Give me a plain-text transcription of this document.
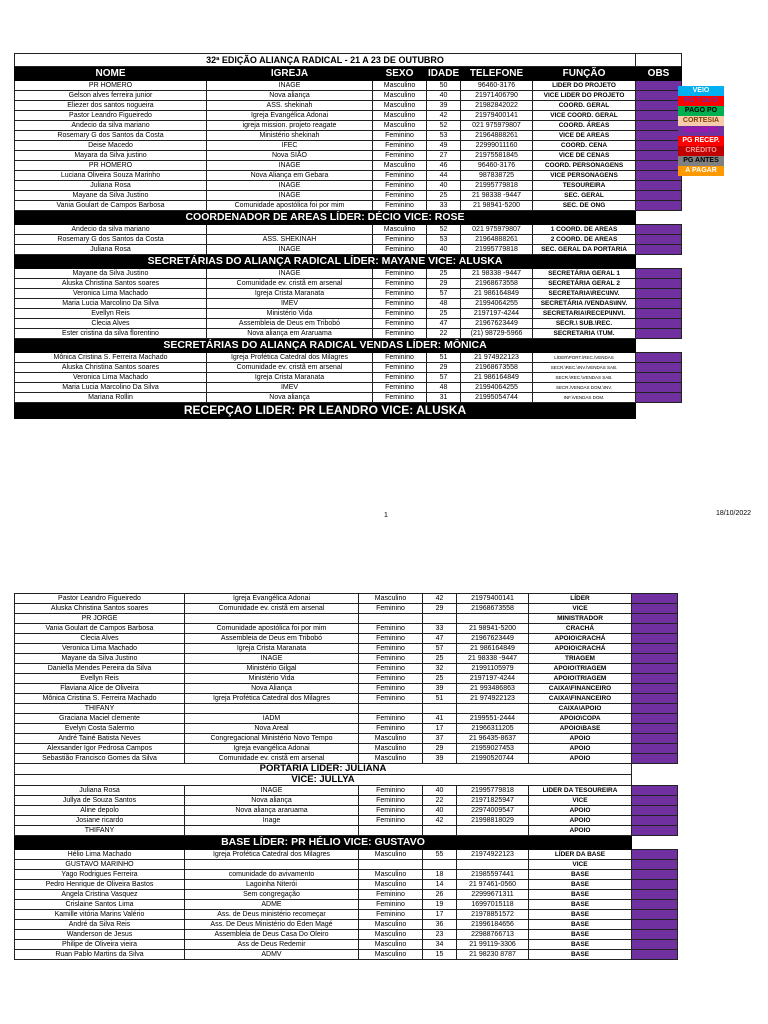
32ª EDIÇÃO ALIANÇA RADICAL - 21 A 23 DE OUTUBRO						
NOME	IGREJA	SEXO	IDADE	TELEFONE	FUNÇÃO	OBS
PR HOMERO	INAGE	Masculino	50	96460-3176	LIDER DO PROJETO	
Gelson alves ferreira junior	Nova aliança	Masculino	40	21971406790	VICE LIDER DO PROJETO	
Eliezer dos santos nogueira	ASS. shekinah	Masculino	39	21982842022	COORD. GERAL	
Pastor Leandro Figueiredo	Igreja Evangélica Adonai	Masculino	42	21979400141	VICE COORD. GERAL	
Andecio da silva mariano	igreja mission. projeto reagate	Masculino	52	021 975979807	COORD. ÁREAS	
Rosemary G dos Santos da Costa	Ministério shekinah	Feminino	53	21964888261	VICE DE AREAS	
Deise Macedo	IFEC	Feminino	49	22999011160	COORD. CENA	
Mayara da Silva justino	Nova SIÃO	Feminino	27	21975581845	VICE DE CENAS	
PR HOMERO	INAGE	Masculino	46	96460-3176	COORD. PERSONAGENS	
Luciana Oliveira Souza Marinho	Nova Aliança em Gebara	Feminino	44	987838725	VICE PERSONAGENS	
Juliana Rosa	INAGE	Feminino	40	21995779818	TESOUREIRA	
Mayane da Silva Justino	INAGE	Feminino	25	21 98338 -9447	SEC. GERAL	
Vania Goulart de Campos Barbosa	Comunidade apostólica foi por mim	Feminino	33	21 98941-5200	SEC. DE ONG	
COORDENADOR DE AREAS LÍDER: DÉCIO VICE: ROSE						
Andecio da silva mariano		Masculino	52	021 975979807	1 COORD. DE AREAS	
Rosemary G dos Santos da Costa	ASS. SHEKINAH	Feminino	53	21964888261	2 COORD. DE AREAS	
Juliana Rosa	INAGE	Feminino	40	21995779818	SEC. GERAL DA PORTARIA	
SECRETÁRIAS DO ALIANÇA RADICAL LÍDER: MAYANE VICE: ALUSKA						
Mayane da Silva Justino	INAGE	Feminino	25	21 98338 -9447	SECRETÁRIA GERAL 1	
Aluska Christina Santos soares	Comunidade ev. cristã em arsenal	Feminino	29	21968673558	SECRETÁRIA GERAL 2	
Veronica Lima Machado	Igreja Crista Maranata	Feminino	57	21 986164849	SECRETARIA\REC\INV.	
Maria Lucia Marcolino Da Silva	IMEV	Feminino	48	21994064255	SECRETÁRIA /VENDAS\INV.	
Evellyn Reis	Ministério Vida	Feminino	25	2197197-4244	SECRETARIA\RECEP\INVI.	
Clecia Alves	Assembleia de Deus em Tribobó	Feminino	47	21967623449	SECR.\ SUB.\REC.	
Ester cristina da silva florentino	Nova aliança em Araruama	Feminino	22	(21) 98729-5966	SECRETARIA \TUM.	
SECRETÁRIAS DO ALIANÇA RADICAL VENDAS LÍDER: MÔNICA						
Mônica Cristina S. Ferreira Machado	Igreja Profética Catedral dos Milagres	Feminino	51	21 974922123	LÍDER\PORT.\REC.\VENDAS	
Aluska Christina Santos soares	Comunidade ev. cristã em arsenal	Feminino	29	21968673558	SECR.\REC.\INV.\VENDAS SAB.	
Veronica Lima Machado	Igreja Crista Maranata	Feminino	57	21 986164849	SECR.\REC.\VENDAS SAB.	
Maria Lucia Marcolino Da Silva	IMEV	Feminino	48	21994064255	SECR./VENDAS DOM.\INV.	
Mariana Rollin	Nova aliança	Feminino	31	21995054744	INF.\VENDAS DOM.	
RECEPÇAO LIDER: PR LEANDRO VICE: ALUSKA						
VEIO
PG T ou D
PAGO PO
CORTESIA
INSCRITO
PG RECEP.
CRÉDITO
PG ANTES
A PAGAR
1	18/10/2022
Pastor Leandro Figueiredo	Igreja Evangélica Adonai	Masculino	42	21979400141	LÍDER	
Aluska Christina Santos soares	Comunidade ev. cristã em arsenal	Feminino	29	21968673558	VICE	
PR JORGE					MINISTRADOR	
Vania Goulart de Campos Barbosa	Comunidade apostólica foi por mim	Feminino	33	21 98941-5200	CRACHÁ	
Clecia Alves	Assembleia de Deus em Tribobó	Feminino	47	21967623449	APOIO\CRACHÁ	
Veronica Lima Machado	Igreja Crista Maranata	Feminino	57	21 986164849	APOIO\CRACHÁ	
Mayane da Silva Justino	INAGE	Feminino	25	21 98338 -9447	TRIAGEM	
Daniella Mendes Pereira da Silva	Ministério Gilgal	Feminino	32	21991105979	APOIO\TRIAGEM	
Evellyn Reis	Ministério Vida	Feminino	25	2197197-4244	APOIO\TRIAGEM	
Flaviana Alice de Oliveira	Nova Aliança	Feminino	39	21 993486863	CAIXA\FINANCEIRO	
Mônica Cristina S. Ferreira Machado	Igreja Profética Catedral dos Milagres	Feminino	51	21 974922123	CAIXA\FINANCEIRO	
THIFANY					CAIXA\APOIO	
Graciana Maciel clemente	IADM	Feminino	41	2199551-2444	APOIO\COPA	
Evelyn Costa Salermo	Nova Areal	Feminino	17	21966311205	APOIO\BASE	
André Tainé Batista Neves	Congregacional Ministério Novo Tempo	Masculino	37	21 96435-8637	APOIO	
Alexsander Igor Pedrosa Campos	Igreja evangélica Adonai	Masculino	29	21959027453	APOIO	
Sebastião Francisco Gomes da Silva	Comunidade ev. cristã em arsenal	Masculino	39	21990520744	APOIO	
PORTARIA LIDER: JULIANA						
VICE: JULLYA						
Juliana Rosa	INAGE	Feminino	40	21995779818	LIDER DA TESOUREIRA	
Jullya de Souza Santos	Nova aliança	Feminino	22	21971825947	VICE	
Aline depolo	Nova aliança araruama	Feminino	40	22974009547	APOIO	
Josiane ricardo	Inage	Feminino	42	21998818029	APOIO	
THIFANY					APOIO	
BASE LÍDER: PR HÉLIO VICE: GUSTAVO						
Hélio Lima Machado	Igreja Profética Catedral dos Milagres	Masculino	55	21974922123	LÍDER DA BASE	
GUSTAVO MARINHO					VICE	
Yago Rodrigues Ferreira	comunidade do avivamento	Masculino	18	21985597441	BASE	
Pedro Henrique de Oliveira Bastos	Lagoinha Niterói	Masculino	14	21 97461-0560	BASE	
Angela Cristina Vasquez	Sem congregação	Feminino	26	22999671311	BASE	
Crislaine Santos Lima	ADME	Feminino	19	16997015118	BASE	
Kamille vitória Marins Valério	Ass. de Deus ministério recomeçar	Feminino	17	21978851572	BASE	
André da Silva Reis	Ass. De Deus Ministério do Éden Magé	Masculino	36	21996184656	BASE	
Wanderson de Jesus	Assembleia de Deus Casa Do Oleiro	Masculino	23	22988766713	BASE	
Philipe de Oliveira vieira	Ass de Deus Redemir	Masculino	34	21 99119-3306	BASE	
Ruan Pablo Martins da Silva	ADMV	Masculino	15	21 98230 8787	BASE	
